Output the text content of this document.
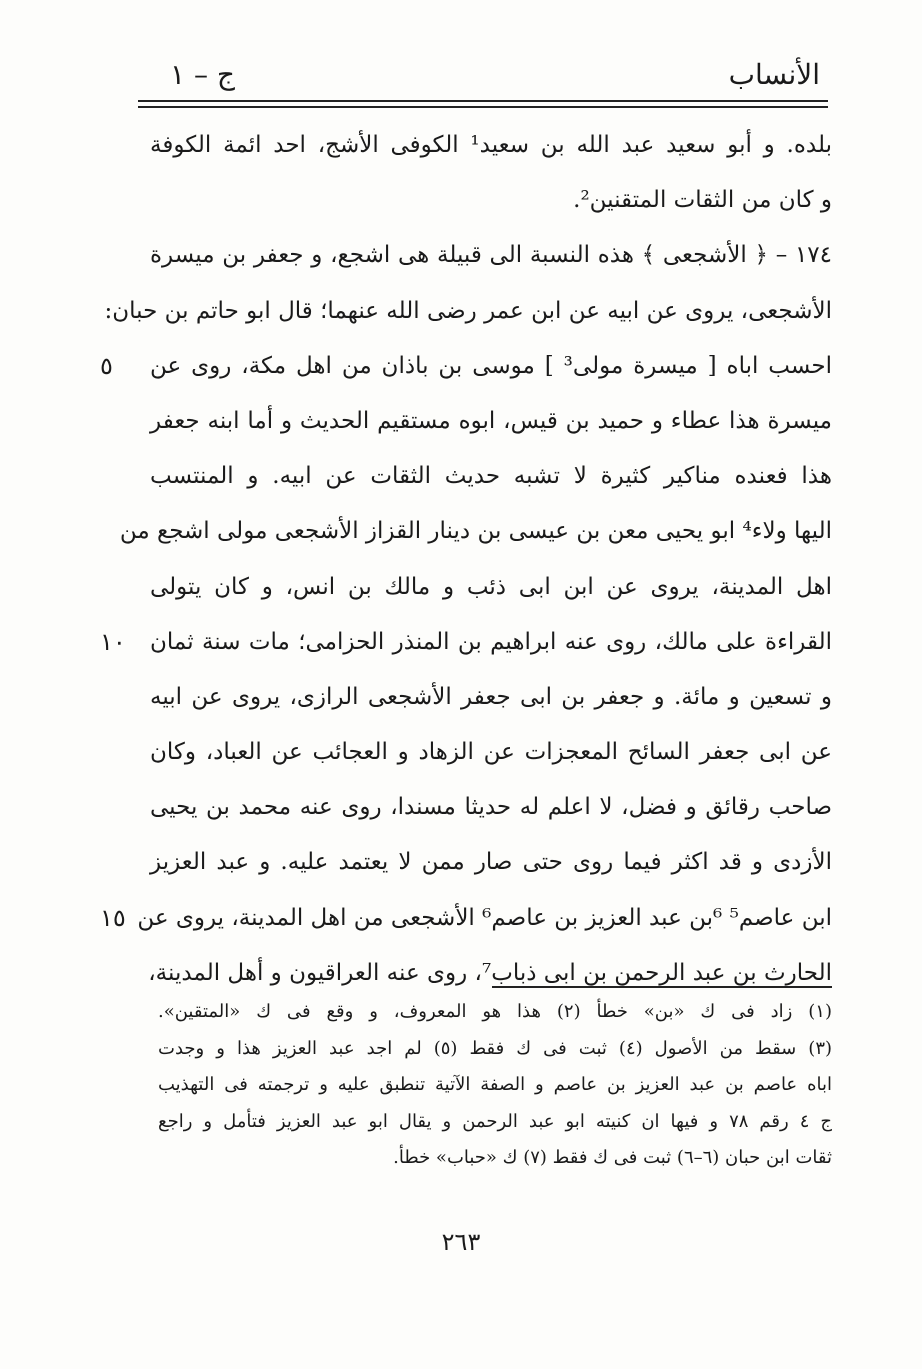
الأنساب
ج – ١
بلده. و أبو سعيد عبد الله بن سعيد¹ الكوفى الأشج، احد ائمة الكوفة
و كان من الثقات المتقنين².
١٧٤ – ﴿ الأشجعى ﴾ هذه النسبة الى قبيلة هى اشجع، و جعفر بن ميسرة
الأشجعى، يروى عن ابيه عن ابن عمر رضى الله عنهما؛ قال ابو حاتم بن حبان:
احسب اباه [ ميسرة مولى³ ] موسى بن باذان من اهل مكة، روى عن
٥
ميسرة هذا عطاء و حميد بن قيس، ابوه مستقيم الحديث و أما ابنه جعفر
هذا فعنده مناكير كثيرة لا تشبه حديث الثقات عن ابيه. و المنتسب
اليها ولاء⁴ ابو يحيى معن بن عيسى بن دينار القزاز الأشجعى مولى اشجع من
اهل المدينة، يروى عن ابن ابى ذئب و مالك بن انس، و كان يتولى
القراءة على مالك، روى عنه ابراهيم بن المنذر الحزامى؛ مات سنة ثمان
١٠
و تسعين و مائة. و جعفر بن ابى جعفر الأشجعى الرازى، يروى عن ابيه
عن ابى جعفر السائح المعجزات عن الزهاد و العجائب عن العباد، وكان
صاحب رقائق و فضل، لا اعلم له حديثا مسندا، روى عنه محمد بن يحيى
الأزدى و قد اكثر فيما روى حتى صار ممن لا يعتمد عليه. و عبد العزيز
ابن عاصم⁵ ⁶بن عبد العزيز بن عاصم⁶ الأشجعى من اهل المدينة، يروى عن
١٥
الحارث بن عبد الرحمن بن ابى ذباب⁷، روى عنه العراقيون و أهل المدينة،
(١) زاد فى ك «بن» خطأ (٢) هذا هو المعروف، و وقع فى ك «المتقين».
(٣) سقط من الأصول (٤) ثبت فى ك فقط (٥) لم اجد عبد العزيز هذا و وجدت
اباه عاصم بن عبد العزيز بن عاصم و الصفة الآتية تنطبق عليه و ترجمته فى التهذيب
ج ٤ رقم ٧٨ و فيها ان كنيته ابو عبد الرحمن و يقال ابو عبد العزيز فتأمل و راجع
ثقات ابن حبان (٦–٦) ثبت فى ك فقط (٧) ك «حباب» خطأ.
٢٦٣
